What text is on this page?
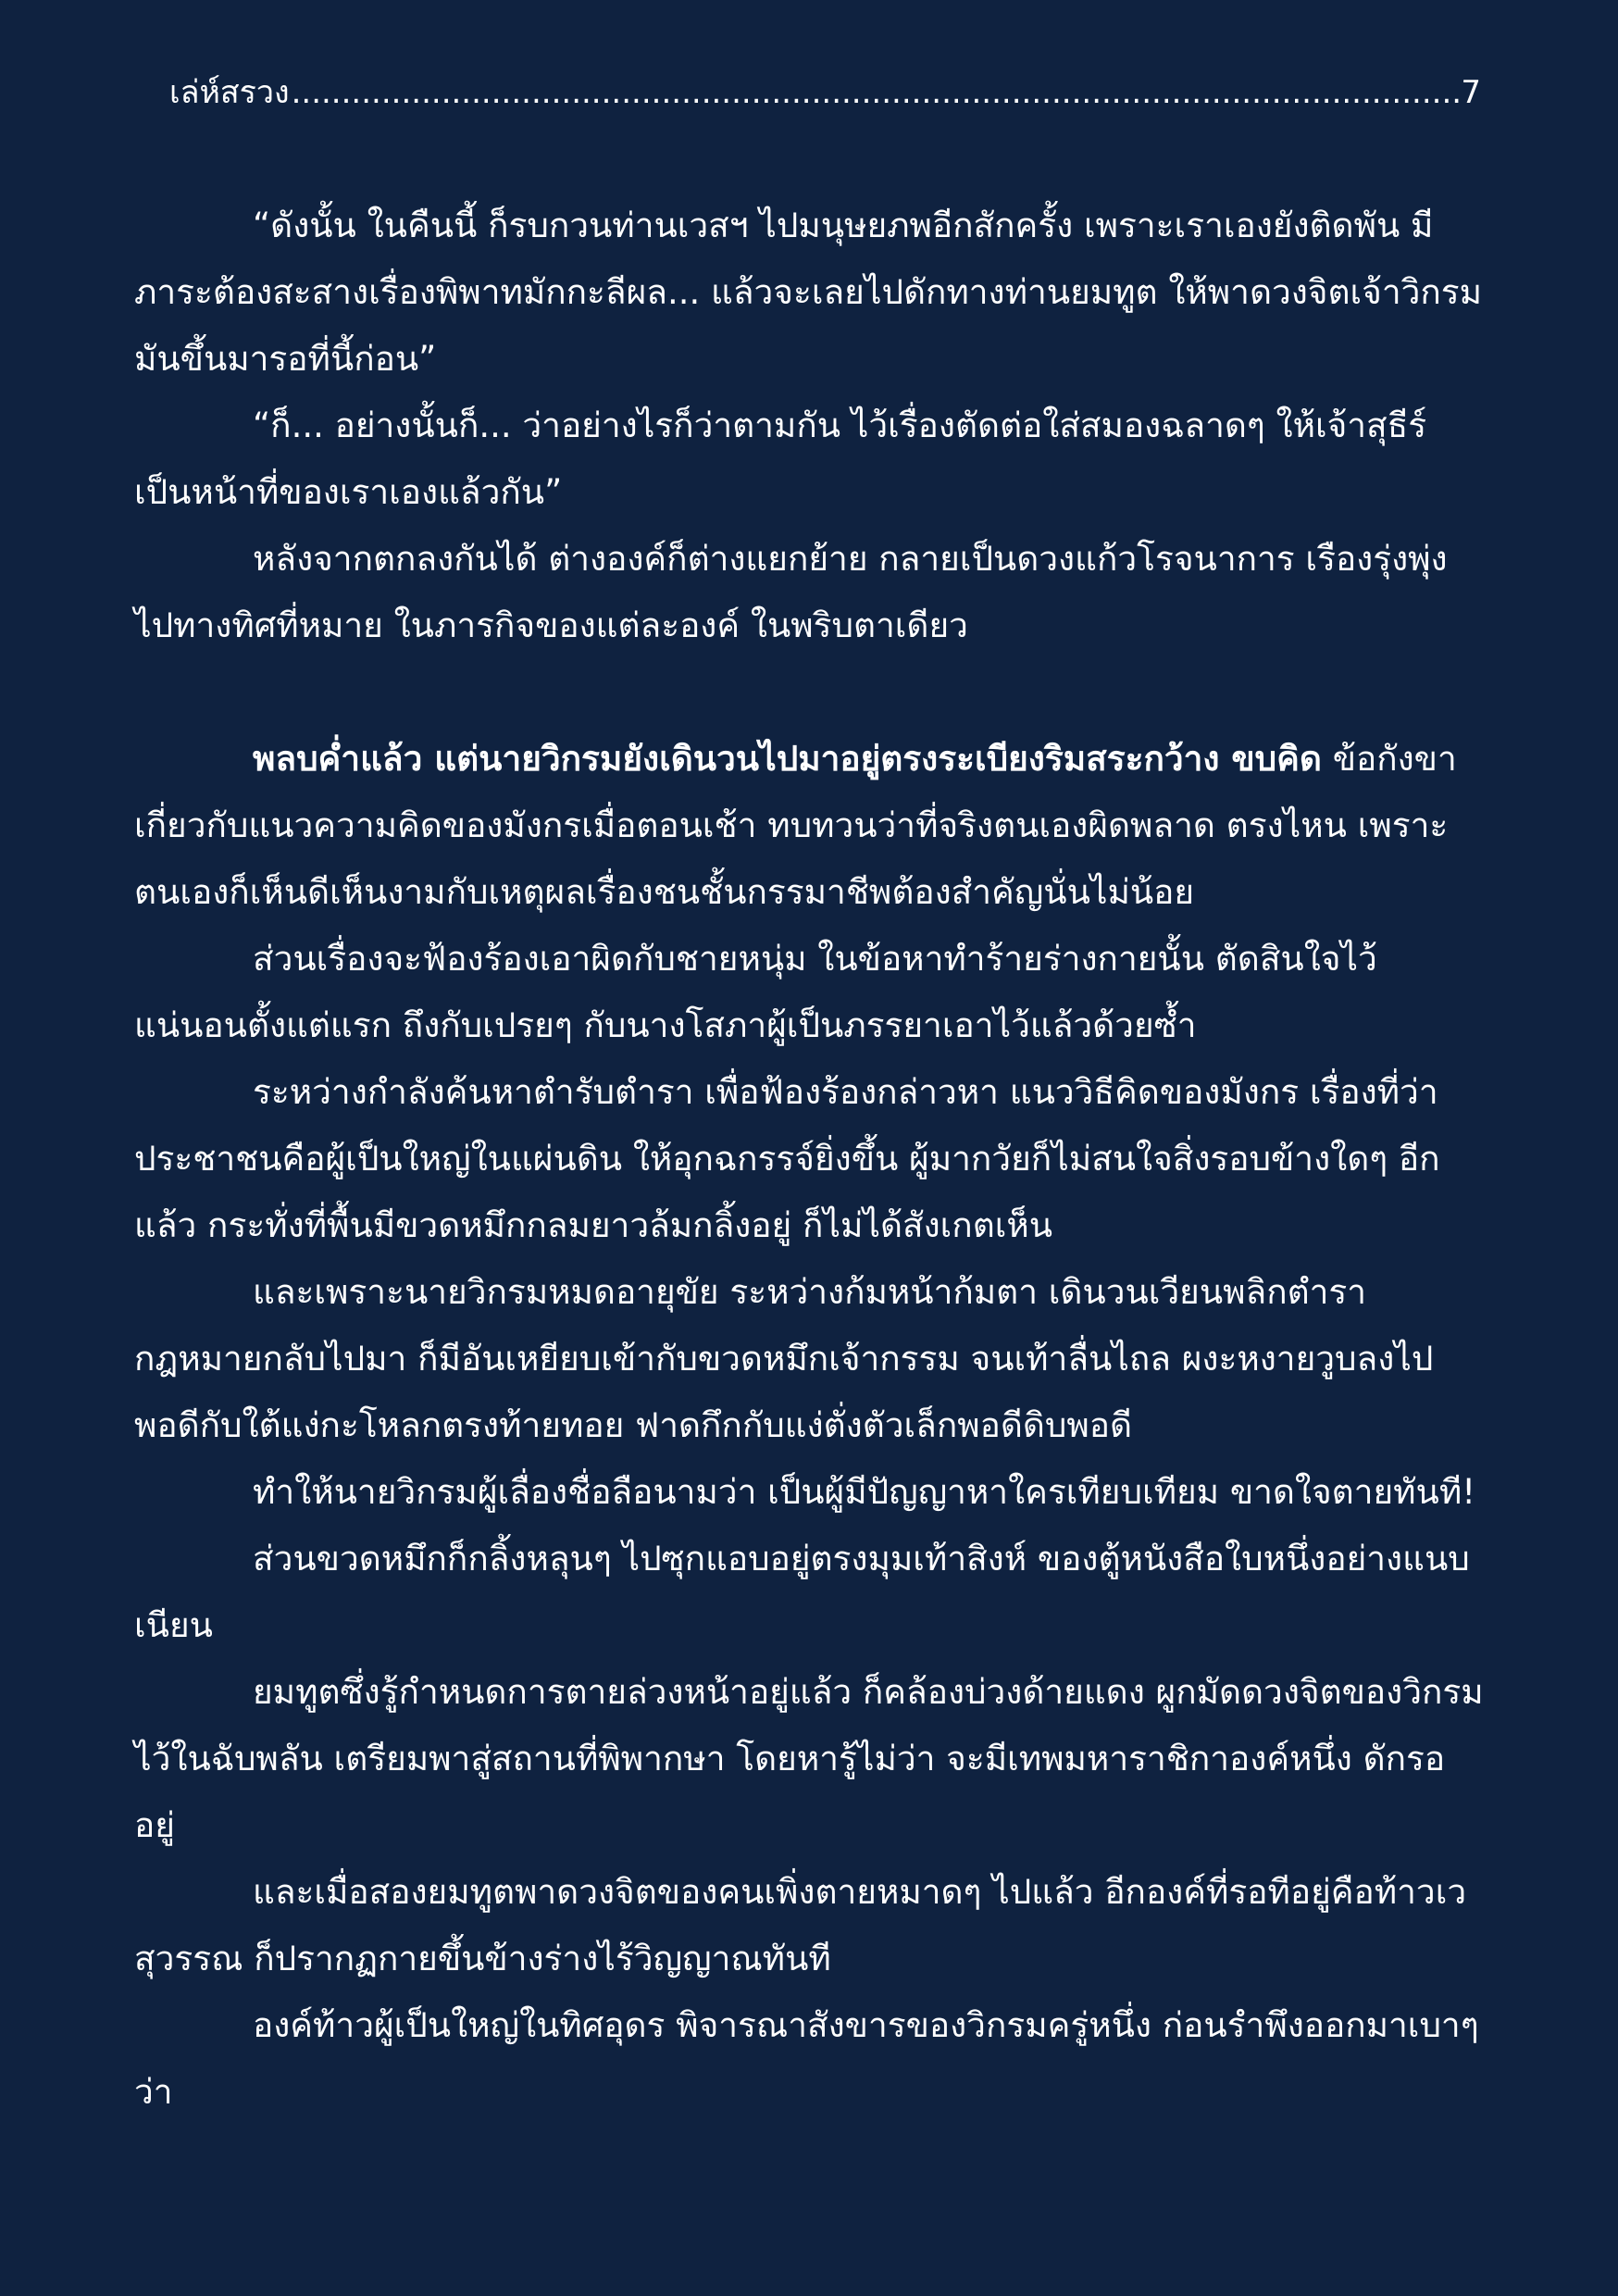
เล่ห์สรวง
.....	7

“ดังนั้น ในคืนนี้ ก็รบกวนท่านเวสฯ ไปมนุษยภพอีกสักครั้ง เพราะเราเองยังติดพัน มีภาระต้องสะสางเรื่องพิพาทมักกะลีผล... แล้วจะเลยไปดักทางท่านยมทูต ให้พาดวงจิตเจ้าวิกรมมันขึ้นมารอที่นี้ก่อน”

“ก็... อย่างนั้นก็... ว่าอย่างไรก็ว่าตามกัน ไว้เรื่องตัดต่อใส่สมองฉลาดๆ ให้เจ้าสุธีร์ เป็นหน้าที่ของเราเองแล้วกัน”

หลังจากตกลงกันได้ ต่างองค์ก็ต่างแยกย้าย กลายเป็นดวงแก้วโรจนาการ เรืองรุ่งพุ่งไปทางทิศที่หมาย ในภารกิจของแต่ละองค์ ในพริบตาเดียว

พลบค่ำแล้ว แต่นายวิกรมยังเดินวนไปมาอยู่ตรงระเบียงริมสระกว้าง ขบคิด ข้อกังขาเกี่ยวกับแนวความคิดของมังกรเมื่อตอนเช้า ทบทวนว่าที่จริงตนเองผิดพลาด ตรงไหน เพราะตนเองก็เห็นดีเห็นงามกับเหตุผลเรื่องชนชั้นกรรมาชีพต้องสำคัญนั่นไม่น้อย

ส่วนเรื่องจะฟ้องร้องเอาผิดกับชายหนุ่ม ในข้อหาทำร้ายร่างกายนั้น ตัดสินใจไว้แน่นอนตั้งแต่แรก ถึงกับเปรยๆ กับนางโสภาผู้เป็นภรรยาเอาไว้แล้วด้วยซ้ำ

ระหว่างกำลังค้นหาตำรับตำรา เพื่อฟ้องร้องกล่าวหา แนววิธีคิดของมังกร เรื่องที่ว่าประชาชนคือผู้เป็นใหญ่ในแผ่นดิน ให้อุกฉกรรจ์ยิ่งขึ้น ผู้มากวัยก็ไม่สนใจสิ่งรอบข้างใดๆ อีกแล้ว กระทั่งที่พื้นมีขวดหมึกกลมยาวล้มกลิ้งอยู่ ก็ไม่ได้สังเกตเห็น

และเพราะนายวิกรมหมดอายุขัย ระหว่างก้มหน้าก้มตา เดินวนเวียนพลิกตำรากฎหมายกลับไปมา ก็มีอันเหยียบเข้ากับขวดหมึกเจ้ากรรม จนเท้าลื่นไถล ผงะหงายวูบลงไป พอดีกับใต้แง่กะโหลกตรงท้ายทอย ฟาดกึกกับแง่ตั่งตัวเล็กพอดีดิบพอดี

ทำให้นายวิกรมผู้เลื่องชื่อลือนามว่า เป็นผู้มีปัญญาหาใครเทียบเทียม ขาดใจตายทันที!

ส่วนขวดหมึกก็กลิ้งหลุนๆ ไปซุกแอบอยู่ตรงมุมเท้าสิงห์ ของตู้หนังสือใบหนึ่งอย่างแนบเนียน

ยมทูตซึ่งรู้กำหนดการตายล่วงหน้าอยู่แล้ว ก็คล้องบ่วงด้ายแดง ผูกมัดดวงจิตของวิกรมไว้ในฉับพลัน เตรียมพาสู่สถานที่พิพากษา โดยหารู้ไม่ว่า จะมีเทพมหาราชิกาองค์หนึ่ง ดักรออยู่

และเมื่อสองยมทูตพาดวงจิตของคนเพิ่งตายหมาดๆ ไปแล้ว อีกองค์ที่รอทีอยู่คือท้าวเวสุวรรณ ก็ปรากฏกายขึ้นข้างร่างไร้วิญญาณทันที

องค์ท้าวผู้เป็นใหญ่ในทิศอุดร พิจารณาสังขารของวิกรมครู่หนึ่ง ก่อนรำพึงออกมาเบาๆ ว่า
